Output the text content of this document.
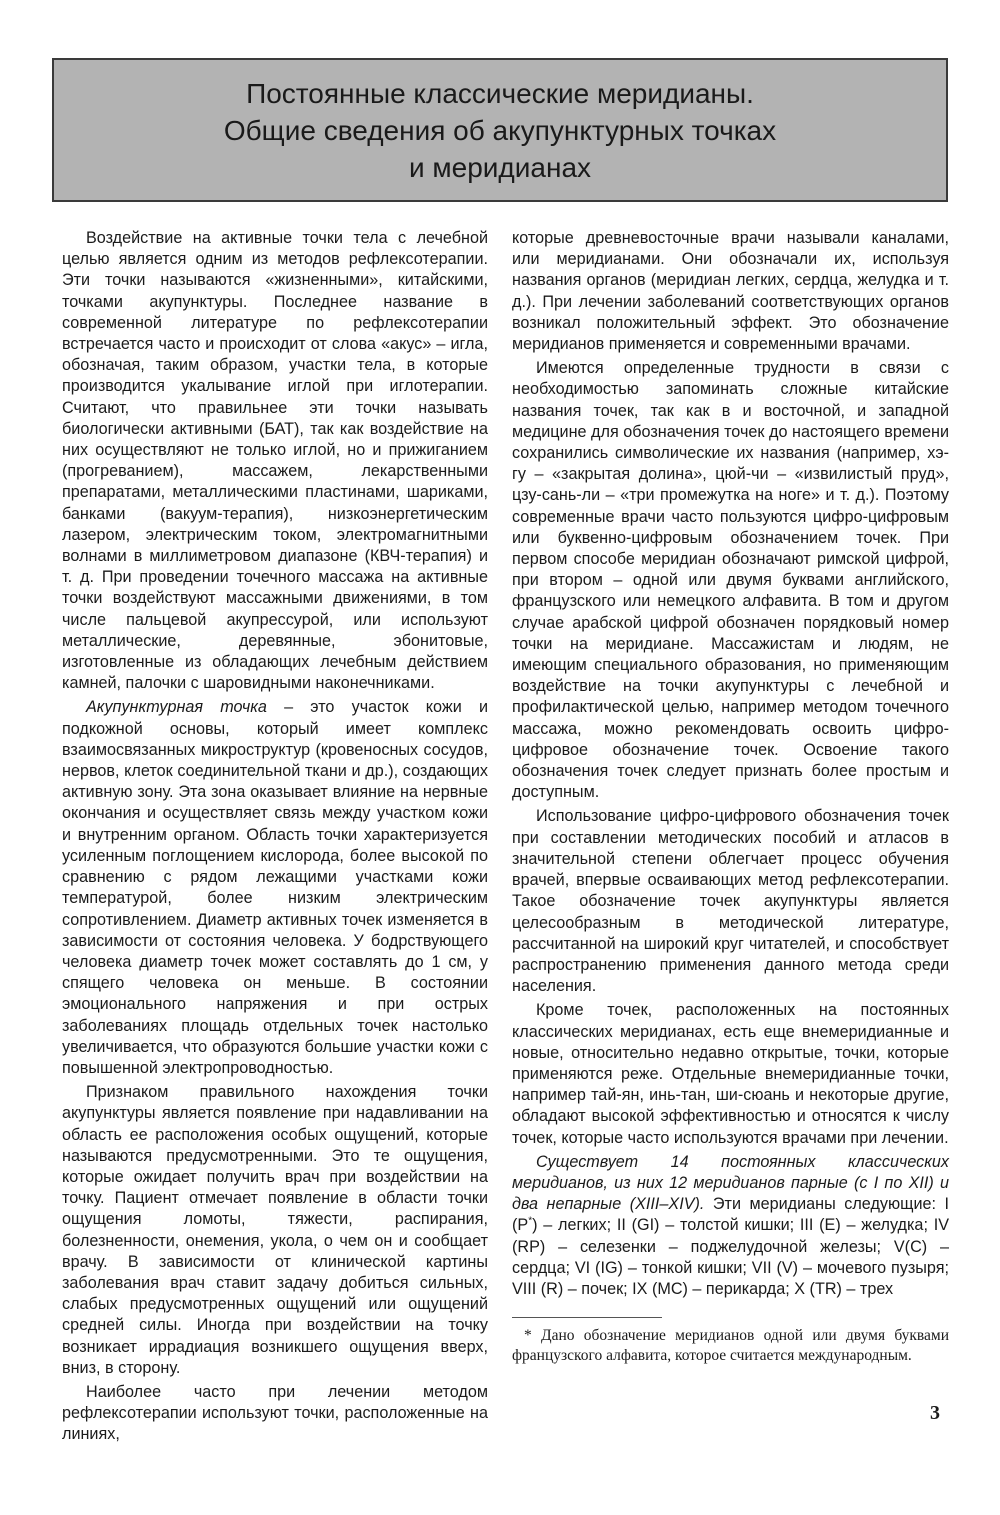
Постоянные классические меридианы.
Общие сведения об акупунктурных точках
и меридианах

Воздействие на активные точки тела с лечебной целью является одним из методов рефлексотерапии. Эти точки называются «жизненными», китайскими, точками акупунктуры. Последнее название в современной литературе по рефлексотерапии встречается часто и происходит от слова «акус» – игла, обозначая, таким образом, участки тела, в которые производится укалывание иглой при иглотерапии. Считают, что правильнее эти точки называть биологически активными (БАТ), так как воздействие на них осуществляют не только иглой, но и прижиганием (прогреванием), массажем, лекарственными препаратами, металлическими пластинами, шариками, банками (вакуум-терапия), низкоэнергетическим лазером, электрическим током, электромагнитными волнами в миллиметровом диапазоне (КВЧ-терапия) и т. д. При проведении точечного массажа на активные точки воздействуют массажными движениями, в том числе пальцевой акупрессурой, или используют металлические, деревянные, эбонитовые, изготовленные из обладающих лечебным действием камней, палочки с шаровидными наконечниками.

Акупунктурная точка – это участок кожи и подкожной основы, который имеет комплекс взаимосвязанных микроструктур (кровеносных сосудов, нервов, клеток соединительной ткани и др.), создающих активную зону. Эта зона оказывает влияние на нервные окончания и осуществляет связь между участком кожи и внутренним органом. Область точки характеризуется усиленным поглощением кислорода, более высокой по сравнению с рядом лежащими участками кожи температурой, более низким электрическим сопротивлением. Диаметр активных точек изменяется в зависимости от состояния человека. У бодрствующего человека диаметр точек может составлять до 1 см, у спящего человека он меньше. В состоянии эмоционального напряжения и при острых заболеваниях площадь отдельных точек настолько увеличивается, что образуются большие участки кожи с повышенной электропроводностью.

Признаком правильного нахождения точки акупунктуры является появление при надавливании на область ее расположения особых ощущений, которые называются предусмотренными. Это те ощущения, которые ожидает получить врач при воздействии на точку. Пациент отмечает появление в области точки ощущения ломоты, тяжести, распирания, болезненности, онемения, укола, о чем он и сообщает врачу. В зависимости от клинической картины заболевания врач ставит задачу добиться сильных, слабых предусмотренных ощущений или ощущений средней силы. Иногда при воздействии на точку возникает иррадиация возникшего ощущения вверх, вниз, в сторону.

Наиболее часто при лечении методом рефлексотерапии используют точки, расположенные на линиях,

которые древневосточные врачи называли каналами, или меридианами. Они обозначали их, используя названия органов (меридиан легких, сердца, желудка и т. д.). При лечении заболеваний соответствующих органов возникал положительный эффект. Это обозначение меридианов применяется и современными врачами.

Имеются определенные трудности в связи с необходимостью запоминать сложные китайские названия точек, так как в и восточной, и западной медицине для обозначения точек до настоящего времени сохранились символические их названия (например, хэ-гу – «закрытая долина», цюй-чи – «извилистый пруд», цзу-сань-ли – «три промежутка на ноге» и т. д.). Поэтому современные врачи часто пользуются цифро-цифровым или буквенно-цифровым обозначением точек. При первом способе меридиан обозначают римской цифрой, при втором – одной или двумя буквами английского, французского или немецкого алфавита. В том и другом случае арабской цифрой обозначен порядковый номер точки на меридиане. Массажистам и людям, не имеющим специального образования, но применяющим воздействие на точки акупунктуры с лечебной и профилактической целью, например методом точечного массажа, можно рекомендовать освоить цифро-цифровое обозначение точек. Освоение такого обозначения точек следует признать более простым и доступным.

Использование цифро-цифрового обозначения точек при составлении методических пособий и атласов в значительной степени облегчает процесс обучения врачей, впервые осваивающих метод рефлексотерапии. Такое обозначение точек акупунктуры является целесообразным в методической литературе, рассчитанной на широкий круг читателей, и способствует распространению применения данного метода среди населения.

Кроме точек, расположенных на постоянных классических меридианах, есть еще внемеридианные и новые, относительно недавно открытые, точки, которые применяются реже. Отдельные внемеридианные точки, например тай-ян, инь-тан, ши-сюань и некоторые другие, обладают высокой эффективностью и относятся к числу точек, которые часто используются врачами при лечении.

Существует 14 постоянных классических меридианов, из них 12 меридианов парные (с I по XII) и два непарные (XIII–XIV). Эти меридианы следующие: I (P*) – легких; II (GI) – толстой кишки; III (E) – желудка; IV (RP) – селезенки – поджелудочной железы; V(C) – сердца; VI (IG) – тонкой кишки; VII (V) – мочевого пузыря; VIII (R) – почек; IX (MC) – перикарда; X (TR) – трех

* Дано обозначение меридианов одной или двумя буквами французского алфавита, которое считается международным.
3
